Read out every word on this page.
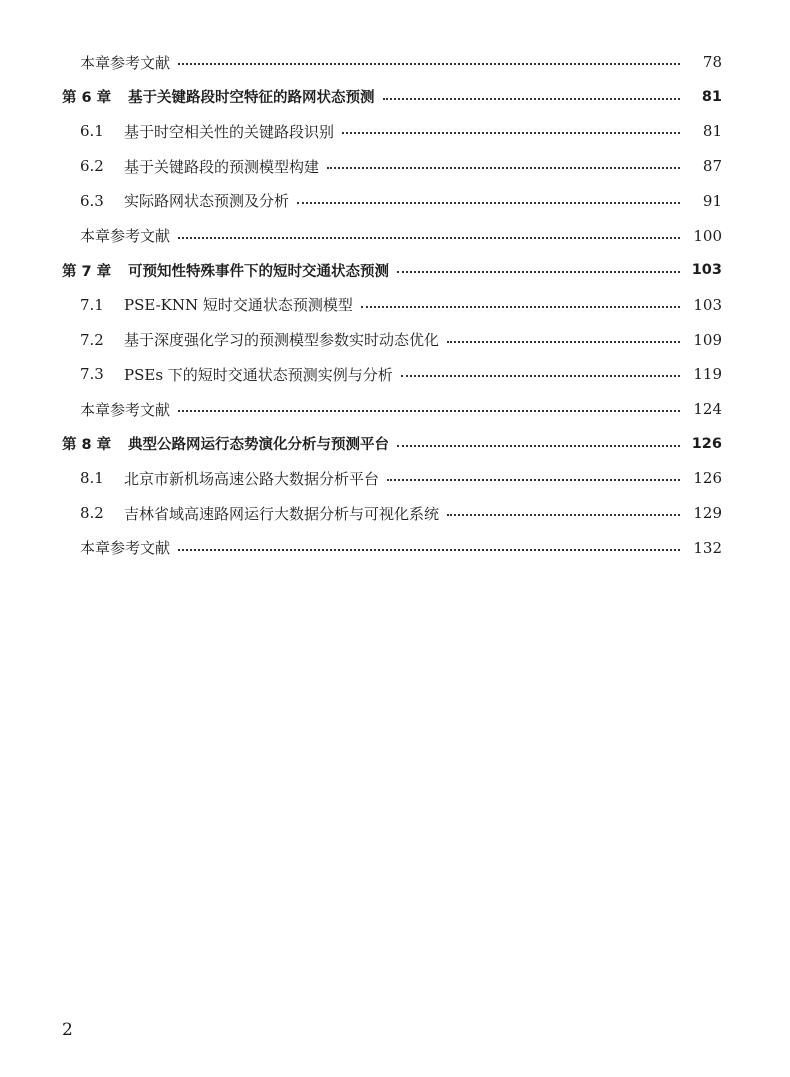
本章参考文献	78
第 6 章	基于关键路段时空特征的路网状态预测	81
6.1	基于时空相关性的关键路段识别	81
6.2	基于关键路段的预测模型构建	87
6.3	实际路网状态预测及分析	91
本章参考文献	100
第 7 章	可预知性特殊事件下的短时交通状态预测	103
7.1	PSE-KNN 短时交通状态预测模型	103
7.2	基于深度强化学习的预测模型参数实时动态优化	109
7.3	PSEs 下的短时交通状态预测实例与分析	119
本章参考文献	124
第 8 章	典型公路网运行态势演化分析与预测平台	126
8.1	北京市新机场高速公路大数据分析平台	126
8.2	吉林省域高速路网运行大数据分析与可视化系统	129
本章参考文献	132
2
